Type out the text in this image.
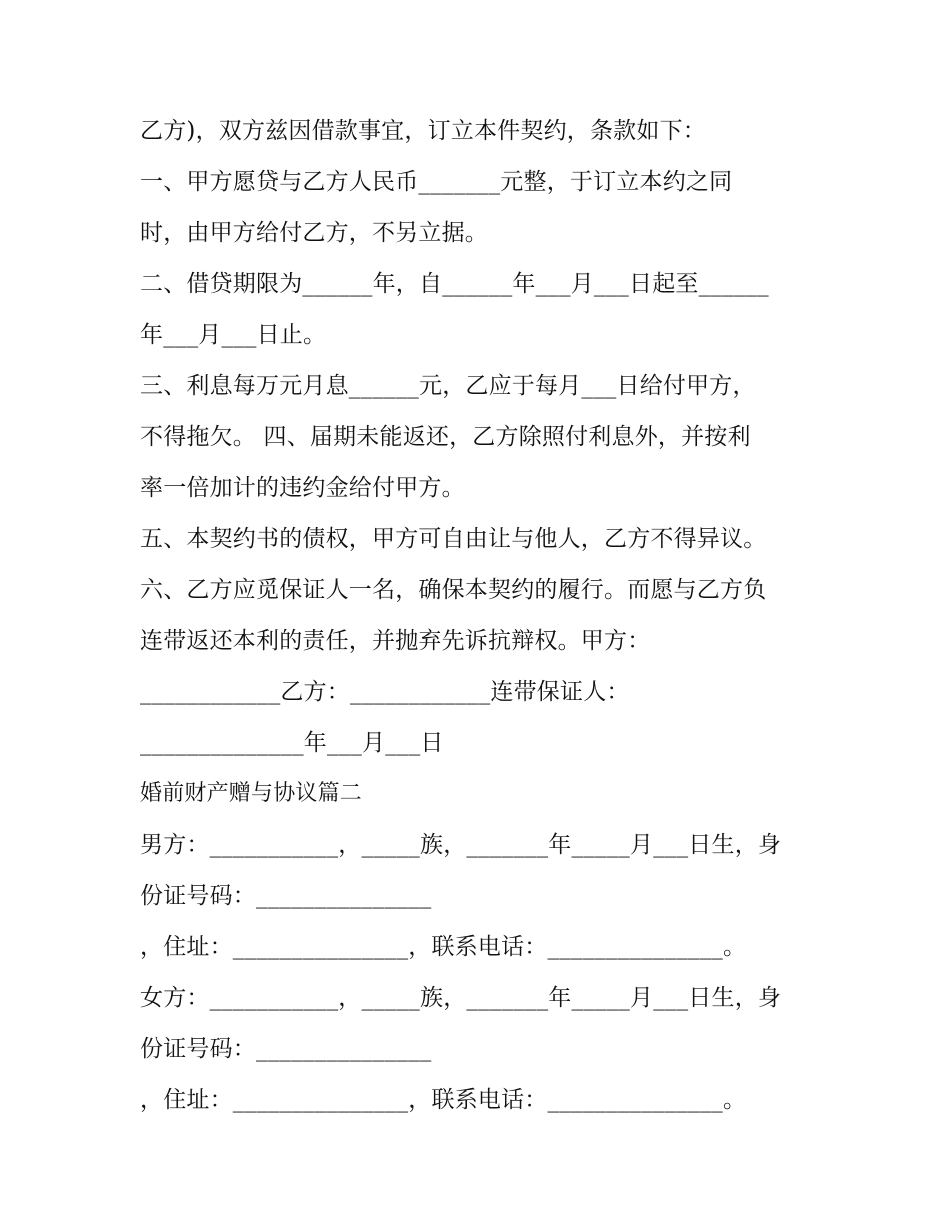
乙方)，双方兹因借款事宜，订立本件契约，条款如下：
一、甲方愿贷与乙方人民币_______元整，于订立本约之同
时，由甲方给付乙方，不另立据。
二、借贷期限为______年，自______年___月___日起至______
年___月___日止。
三、利息每万元月息______元，乙应于每月___日给付甲方，
不得拖欠。 四、届期未能返还，乙方除照付利息外，并按利
率一倍加计的违约金给付甲方。
五、本契约书的债权，甲方可自由让与他人，乙方不得异议。
六、乙方应觅保证人一名，确保本契约的履行。而愿与乙方负
连带返还本利的责任，并抛弃先诉抗辩权。甲方：
____________乙方：____________连带保证人：
______________年___月___日
婚前财产赠与协议篇二
男方：___________，_____族，_______年_____月___日生，身
份证号码：_______________
，住址：_______________，联系电话：_______________。
女方：___________，_____族，_______年_____月___日生，身
份证号码：_______________
，住址：_______________，联系电话：_______________。
